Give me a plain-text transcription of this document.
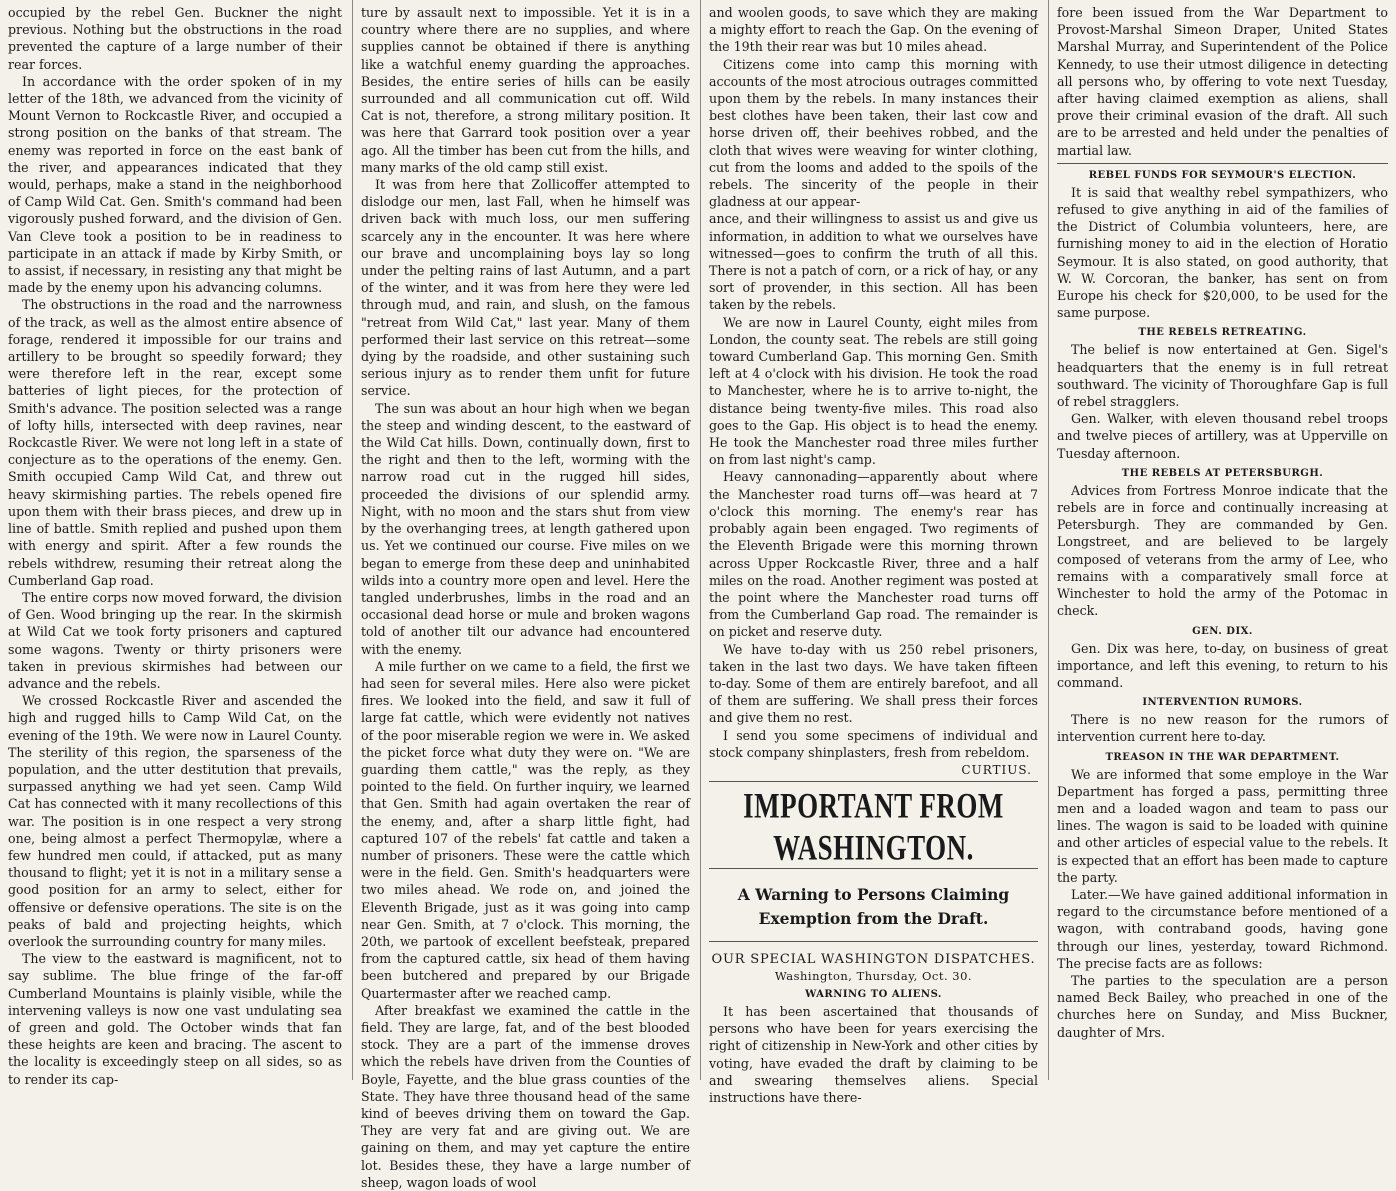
occupied by the rebel Gen. Buckner the night previous. Nothing but the obstructions in the road prevented the capture of a large number of their rear forces.

In accordance with the order spoken of in my letter of the 18th, we advanced from the vicinity of Mount Vernon to Rockcastle River, and occupied a strong position on the banks of that stream. The enemy was reported in force on the east bank of the river, and appearances indicated that they would, perhaps, make a stand in the neighborhood of Camp Wild Cat. Gen. Smith's command had been vigorously pushed forward, and the division of Gen. Van Cleve took a position to be in readiness to participate in an attack if made by Kirby Smith, or to assist, if necessary, in resisting any that might be made by the enemy upon his advancing columns.

The obstructions in the road and the narrowness of the track, as well as the almost entire absence of forage, rendered it impossible for our trains and artillery to be brought so speedily forward; they were therefore left in the rear, except some batteries of light pieces, for the protection of Smith's advance. The position selected was a range of lofty hills, intersected with deep ravines, near Rockcastle River. We were not long left in a state of conjecture as to the operations of the enemy. Gen. Smith occupied Camp Wild Cat, and threw out heavy skirmishing parties. The rebels opened fire upon them with their brass pieces, and drew up in line of battle. Smith replied and pushed upon them with energy and spirit. After a few rounds the rebels withdrew, resuming their retreat along the Cumberland Gap road.

The entire corps now moved forward, the division of Gen. Wood bringing up the rear. In the skirmish at Wild Cat we took forty prisoners and captured some wagons. Twenty or thirty prisoners were taken in previous skirmishes had between our advance and the rebels.

We crossed Rockcastle River and ascended the high and rugged hills to Camp Wild Cat, on the evening of the 19th. We were now in Laurel County. The sterility of this region, the sparseness of the population, and the utter destitution that prevails, surpassed anything we had yet seen. Camp Wild Cat has connected with it many recollections of this war. The position is in one respect a very strong one, being almost a perfect Thermopylæ, where a few hundred men could, if attacked, put as many thousand to flight; yet it is not in a military sense a good position for an army to select, either for offensive or defensive operations. The site is on the peaks of bald and projecting heights, which overlook the surrounding country for many miles.

The view to the eastward is magnificent, not to say sublime. The blue fringe of the far-off Cumberland Mountains is plainly visible, while the intervening valleys is now one vast undulating sea of green and gold. The October winds that fan these heights are keen and bracing. The ascent to the locality is exceedingly steep on all sides, so as to render its cap-

ture by assault next to impossible. Yet it is in a country where there are no supplies, and where supplies cannot be obtained if there is anything like a watchful enemy guarding the approaches. Besides, the entire series of hills can be easily surrounded and all communication cut off. Wild Cat is not, therefore, a strong military position. It was here that Garrard took position over a year ago. All the timber has been cut from the hills, and many marks of the old camp still exist.

It was from here that Zollicoffer attempted to dislodge our men, last Fall, when he himself was driven back with much loss, our men suffering scarcely any in the encounter. It was here where our brave and uncomplaining boys lay so long under the pelting rains of last Autumn, and a part of the winter, and it was from here they were led through mud, and rain, and slush, on the famous "retreat from Wild Cat," last year. Many of them performed their last service on this retreat—some dying by the roadside, and other sustaining such serious injury as to render them unfit for future service.

The sun was about an hour high when we began the steep and winding descent, to the eastward of the Wild Cat hills. Down, continually down, first to the right and then to the left, worming with the narrow road cut in the rugged hill sides, proceeded the divisions of our splendid army. Night, with no moon and the stars shut from view by the overhanging trees, at length gathered upon us. Yet we continued our course. Five miles on we began to emerge from these deep and uninhabited wilds into a country more open and level. Here the tangled underbrushes, limbs in the road and an occasional dead horse or mule and broken wagons told of another tilt our advance had encountered with the enemy.

A mile further on we came to a field, the first we had seen for several miles. Here also were picket fires. We looked into the field, and saw it full of large fat cattle, which were evidently not natives of the poor miserable region we were in. We asked the picket force what duty they were on. "We are guarding them cattle," was the reply, as they pointed to the field. On further inquiry, we learned that Gen. Smith had again overtaken the rear of the enemy, and, after a sharp little fight, had captured 107 of the rebels' fat cattle and taken a number of prisoners. These were the cattle which were in the field. Gen. Smith's headquarters were two miles ahead. We rode on, and joined the Eleventh Brigade, just as it was going into camp near Gen. Smith, at 7 o'clock. This morning, the 20th, we partook of excellent beefsteak, prepared from the captured cattle, six head of them having been butchered and prepared by our Brigade Quartermaster after we reached camp.

After breakfast we examined the cattle in the field. They are large, fat, and of the best blooded stock. They are a part of the immense droves which the rebels have driven from the Counties of Boyle, Fayette, and the blue grass counties of the State. They have three thousand head of the same kind of beeves driving them on toward the Gap. They are very fat and are giving out. We are gaining on them, and may yet capture the entire lot. Besides these, they have a large number of sheep, wagon loads of wool

and woolen goods, to save which they are making a mighty effort to reach the Gap. On the evening of the 19th their rear was but 10 miles ahead.

Citizens come into camp this morning with accounts of the most atrocious outrages committed upon them by the rebels. In many instances their best clothes have been taken, their last cow and horse driven off, their beehives robbed, and the cloth that wives were weaving for winter clothing, cut from the looms and added to the spoils of the rebels. The sincerity of the people in their gladness at our appear-

ance, and their willingness to assist us and give us information, in addition to what we ourselves have witnessed—goes to confirm the truth of all this. There is not a patch of corn, or a rick of hay, or any sort of provender, in this section. All has been taken by the rebels.

We are now in Laurel County, eight miles from London, the county seat. The rebels are still going toward Cumberland Gap. This morning Gen. Smith left at 4 o'clock with his division. He took the road to Manchester, where he is to arrive to-night, the distance being twenty-five miles. This road also goes to the Gap. His object is to head the enemy. He took the Manchester road three miles further on from last night's camp.

Heavy cannonading—apparently about where the Manchester road turns off—was heard at 7 o'clock this morning. The enemy's rear has probably again been engaged. Two regiments of the Eleventh Brigade were this morning thrown across Upper Rockcastle River, three and a half miles on the road. Another regiment was posted at the point where the Manchester road turns off from the Cumberland Gap road. The remainder is on picket and reserve duty.

We have to-day with us 250 rebel prisoners, taken in the last two days. We have taken fifteen to-day. Some of them are entirely barefoot, and all of them are suffering. We shall press their forces and give them no rest.

I send you some specimens of individual and stock company shinplasters, fresh from rebeldom.

CURTIUS.
IMPORTANT FROM WASHINGTON.
A Warning to Persons Claiming Exemption from the Draft.
OUR SPECIAL WASHINGTON DISPATCHES.
Washington, Thursday, Oct. 30.
WARNING TO ALIENS.

It has been ascertained that thousands of persons who have been for years exercising the right of citizenship in New-York and other cities by voting, have evaded the draft by claiming to be and swearing themselves aliens. Special instructions have there-

fore been issued from the War Department to Provost-Marshal Simeon Draper, United States Marshal Murray, and Superintendent of the Police Kennedy, to use their utmost diligence in detecting all persons who, by offering to vote next Tuesday, after having claimed exemption as aliens, shall prove their criminal evasion of the draft. All such are to be arrested and held under the penalties of martial law.

REBEL FUNDS FOR SEYMOUR'S ELECTION.

It is said that wealthy rebel sympathizers, who refused to give anything in aid of the families of the District of Columbia volunteers, here, are furnishing money to aid in the election of Horatio Seymour. It is also stated, on good authority, that W. W. Corcoran, the banker, has sent on from Europe his check for $20,000, to be used for the same purpose.

THE REBELS RETREATING.

The belief is now entertained at Gen. Sigel's headquarters that the enemy is in full retreat southward. The vicinity of Thoroughfare Gap is full of rebel stragglers.

Gen. Walker, with eleven thousand rebel troops and twelve pieces of artillery, was at Upperville on Tuesday afternoon.

THE REBELS AT PETERSBURGH.

Advices from Fortress Monroe indicate that the rebels are in force and continually increasing at Petersburgh. They are commanded by Gen. Longstreet, and are believed to be largely composed of veterans from the army of Lee, who remains with a comparatively small force at Winchester to hold the army of the Potomac in check.

GEN. DIX.

Gen. Dix was here, to-day, on business of great importance, and left this evening, to return to his command.

INTERVENTION RUMORS.

There is no new reason for the rumors of intervention current here to-day.

TREASON IN THE WAR DEPARTMENT.

We are informed that some employe in the War Department has forged a pass, permitting three men and a loaded wagon and team to pass our lines. The wagon is said to be loaded with quinine and other articles of especial value to the rebels. It is expected that an effort has been made to capture the party.

Later.—We have gained additional information in regard to the circumstance before mentioned of a wagon, with contraband goods, having gone through our lines, yesterday, toward Richmond. The precise facts are as follows:

The parties to the speculation are a person named Beck Bailey, who preached in one of the churches here on Sunday, and Miss Buckner, daughter of Mrs.
